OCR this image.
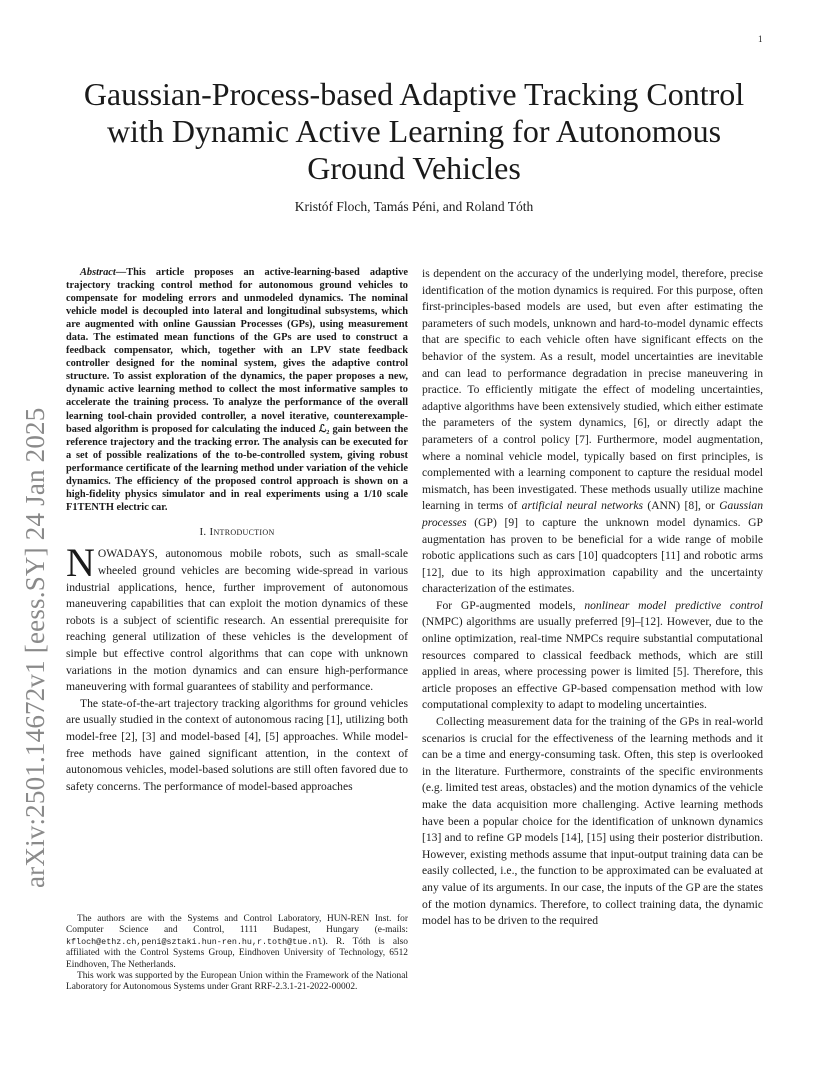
1
arXiv:2501.14672v1 [eess.SY] 24 Jan 2025
Gaussian-Process-based Adaptive Tracking Control
with Dynamic Active Learning for Autonomous
Ground Vehicles
Kristóf Floch, Tamás Péni, and Roland Tóth

Abstract—This article proposes an active-learning-based adaptive trajectory tracking control method for autonomous ground vehicles to compensate for modeling errors and unmodeled dynamics. The nominal vehicle model is decoupled into lateral and longitudinal subsystems, which are augmented with online Gaussian Processes (GPs), using measurement data. The estimated mean functions of the GPs are used to construct a feedback compensator, which, together with an LPV state feedback controller designed for the nominal system, gives the adaptive control structure. To assist exploration of the dynamics, the paper proposes a new, dynamic active learning method to collect the most informative samples to accelerate the training process. To analyze the performance of the overall learning tool-chain provided controller, a novel iterative, counterexample-based algorithm is proposed for calculating the induced ℒ₂ gain between the reference trajectory and the tracking error. The analysis can be executed for a set of possible realizations of the to-be-controlled system, giving robust performance certificate of the learning method under variation of the vehicle dynamics. The efficiency of the proposed control approach is shown on a high-fidelity physics simulator and in real experiments using a 1/10 scale F1TENTH electric car.

I. Introduction

NOWADAYS, autonomous mobile robots, such as small-scale wheeled ground vehicles are becoming wide-spread in various industrial applications, hence, further improvement of autonomous maneuvering capabilities that can exploit the motion dynamics of these robots is a subject of scientific research. An essential prerequisite for reaching general utilization of these vehicles is the development of simple but effective control algorithms that can cope with unknown variations in the motion dynamics and can ensure high-performance maneuvering with formal guarantees of stability and performance.

The state-of-the-art trajectory tracking algorithms for ground vehicles are usually studied in the context of autonomous racing [1], utilizing both model-free [2], [3] and model-based [4], [5] approaches. While model-free methods have gained significant attention, in the context of autonomous vehicles, model-based solutions are still often favored due to safety concerns. The performance of model-based approaches

is dependent on the accuracy of the underlying model, therefore, precise identification of the motion dynamics is required. For this purpose, often first-principles-based models are used, but even after estimating the parameters of such models, unknown and hard-to-model dynamic effects that are specific to each vehicle often have significant effects on the behavior of the system. As a result, model uncertainties are inevitable and can lead to performance degradation in precise maneuvering in practice. To efficiently mitigate the effect of modeling uncertainties, adaptive algorithms have been extensively studied, which either estimate the parameters of the system dynamics, [6], or directly adapt the parameters of a control policy [7]. Furthermore, model augmentation, where a nominal vehicle model, typically based on first principles, is complemented with a learning component to capture the residual model mismatch, has been investigated. These methods usually utilize machine learning in terms of artificial neural networks (ANN) [8], or Gaussian processes (GP) [9] to capture the unknown model dynamics. GP augmentation has proven to be beneficial for a wide range of mobile robotic applications such as cars [10] quadcopters [11] and robotic arms [12], due to its high approximation capability and the uncertainty characterization of the estimates.

For GP-augmented models, nonlinear model predictive control (NMPC) algorithms are usually preferred [9]–[12]. However, due to the online optimization, real-time NMPCs require substantial computational resources compared to classical feedback methods, which are still applied in areas, where processing power is limited [5]. Therefore, this article proposes an effective GP-based compensation method with low computational complexity to adapt to modeling uncertainties.

Collecting measurement data for the training of the GPs in real-world scenarios is crucial for the effectiveness of the learning methods and it can be a time and energy-consuming task. Often, this step is overlooked in the literature. Furthermore, constraints of the specific environments (e.g. limited test areas, obstacles) and the motion dynamics of the vehicle make the data acquisition more challenging. Active learning methods have been a popular choice for the identification of unknown dynamics [13] and to refine GP models [14], [15] using their posterior distribution. However, existing methods assume that input-output training data can be easily collected, i.e., the function to be approximated can be evaluated at any value of its arguments. In our case, the inputs of the GP are the states of the motion dynamics. Therefore, to collect training data, the dynamic model has to be driven to the required

The authors are with the Systems and Control Laboratory, HUN-REN Inst. for Computer Science and Control, 1111 Budapest, Hungary (e-mails: kfloch@ethz.ch,peni@sztaki.hun-ren.hu,r.toth@tue.nl). R. Tóth is also affiliated with the Control Systems Group, Eindhoven University of Technology, 6512 Eindhoven, The Netherlands.

This work was supported by the European Union within the Framework of the National Laboratory for Autonomous Systems under Grant RRF-2.3.1-21-2022-00002.
